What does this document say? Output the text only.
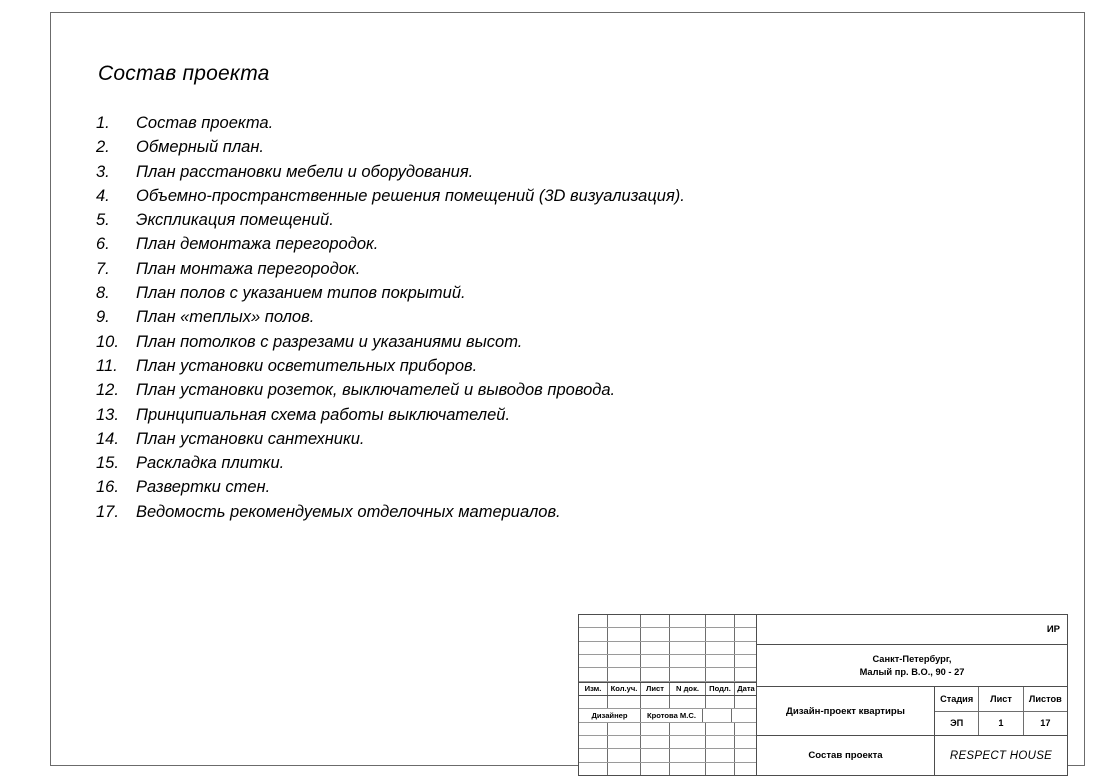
Состав проекта
1.	Состав проекта.
2.	Обмерный план.
3.	План расстановки мебели и оборудования.
4.	Объемно-пространственные решения помещений (3D визуализация).
5.	Экспликация помещений.
6.	План демонтажа перегородок.
7.	План монтажа перегородок.
8.	План полов с указанием типов покрытий.
9.	План «теплых» полов.
10.	План потолков с разрезами и указаниями высот.
11.	План установки осветительных приборов.
12.	План установки розеток, выключателей и выводов провода.
13.	Принципиальная схема работы выключателей.
14.	План установки сантехники.
15.	Раскладка плитки.
16.	Развертки стен.
17.	Ведомость рекомендуемых отделочных материалов.
Изм.	Кол.уч.	Лист	N док.	Подл. Дата
Дизайнер	Кротова М.С.
ИР
Санкт-Петербург,
Малый пр. В.О., 90 - 27
Дизайн-проект квартиры
Стадия	Лист	Листов
ЭП	1	17
Состав проекта	RESPECT HOUSE
